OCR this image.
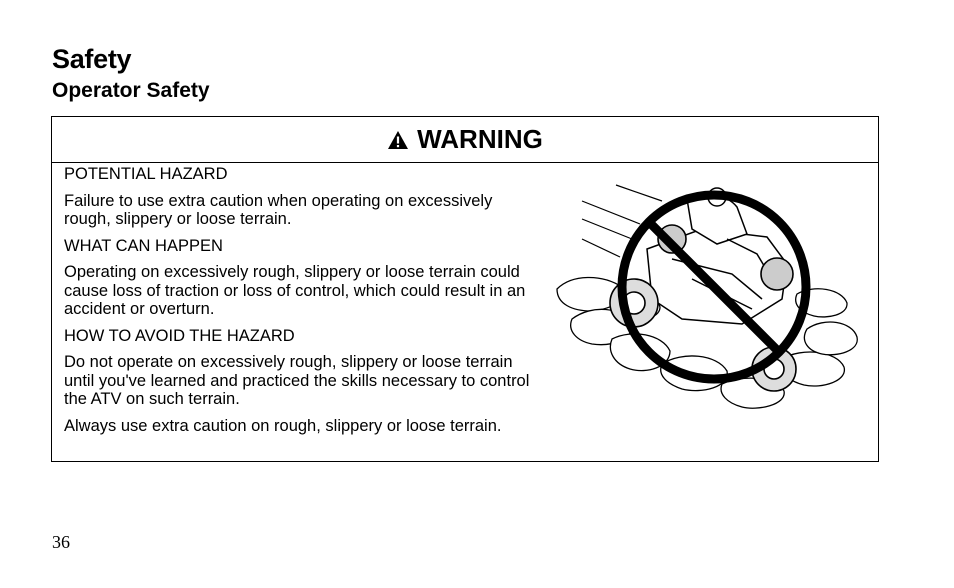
Safety
Operator Safety
WARNING

POTENTIAL HAZARD

Failure to use extra caution when operating on excessively rough, slippery or loose terrain.

WHAT CAN HAPPEN

Operating on excessively rough, slippery or loose terrain could cause loss of traction or loss of control, which could result in an accident or overturn.

HOW TO AVOID THE HAZARD

Do not operate on excessively rough, slippery or loose terrain until you've learned and practiced the skills necessary to control the ATV on such terrain.

Always use extra caution on rough, slippery or loose terrain.

36
